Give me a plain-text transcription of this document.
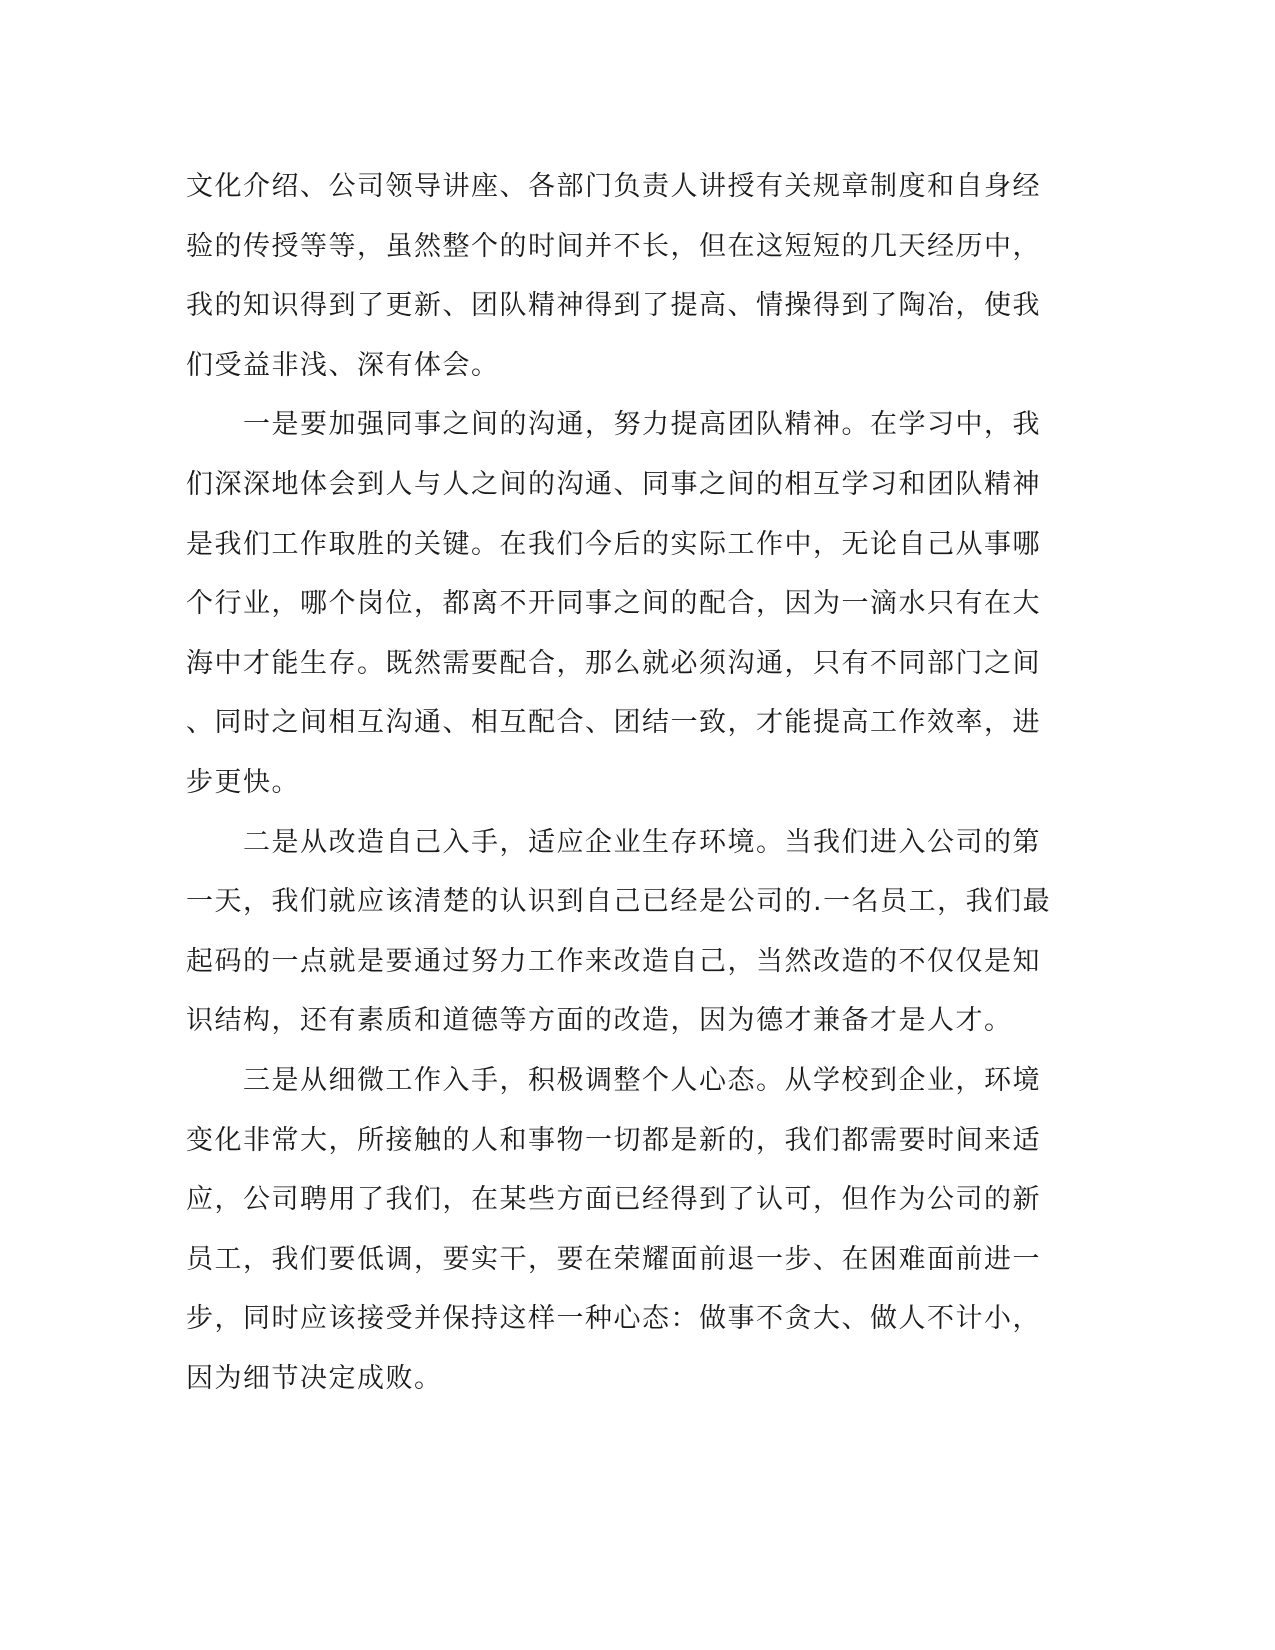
文化介绍、公司领导讲座、各部门负责人讲授有关规章制度和自身经
验的传授等等，虽然整个的时间并不长，但在这短短的几天经历中，
我的知识得到了更新、团队精神得到了提高、情操得到了陶冶，使我
们受益非浅、深有体会。
　　一是要加强同事之间的沟通，努力提高团队精神。在学习中，我
们深深地体会到人与人之间的沟通、同事之间的相互学习和团队精神
是我们工作取胜的关键。在我们今后的实际工作中，无论自己从事哪
个行业，哪个岗位，都离不开同事之间的配合，因为一滴水只有在大
海中才能生存。既然需要配合，那么就必须沟通，只有不同部门之间
、同时之间相互沟通、相互配合、团结一致，才能提高工作效率，进
步更快。
　　二是从改造自己入手，适应企业生存环境。当我们进入公司的第
一天，我们就应该清楚的认识到自己已经是公司的.一名员工，我们最
起码的一点就是要通过努力工作来改造自己，当然改造的不仅仅是知
识结构，还有素质和道德等方面的改造，因为德才兼备才是人才。
　　三是从细微工作入手，积极调整个人心态。从学校到企业，环境
变化非常大，所接触的人和事物一切都是新的，我们都需要时间来适
应，公司聘用了我们，在某些方面已经得到了认可，但作为公司的新
员工，我们要低调，要实干，要在荣耀面前退一步、在困难面前进一
步，同时应该接受并保持这样一种心态：做事不贪大、做人不计小，
因为细节决定成败。
